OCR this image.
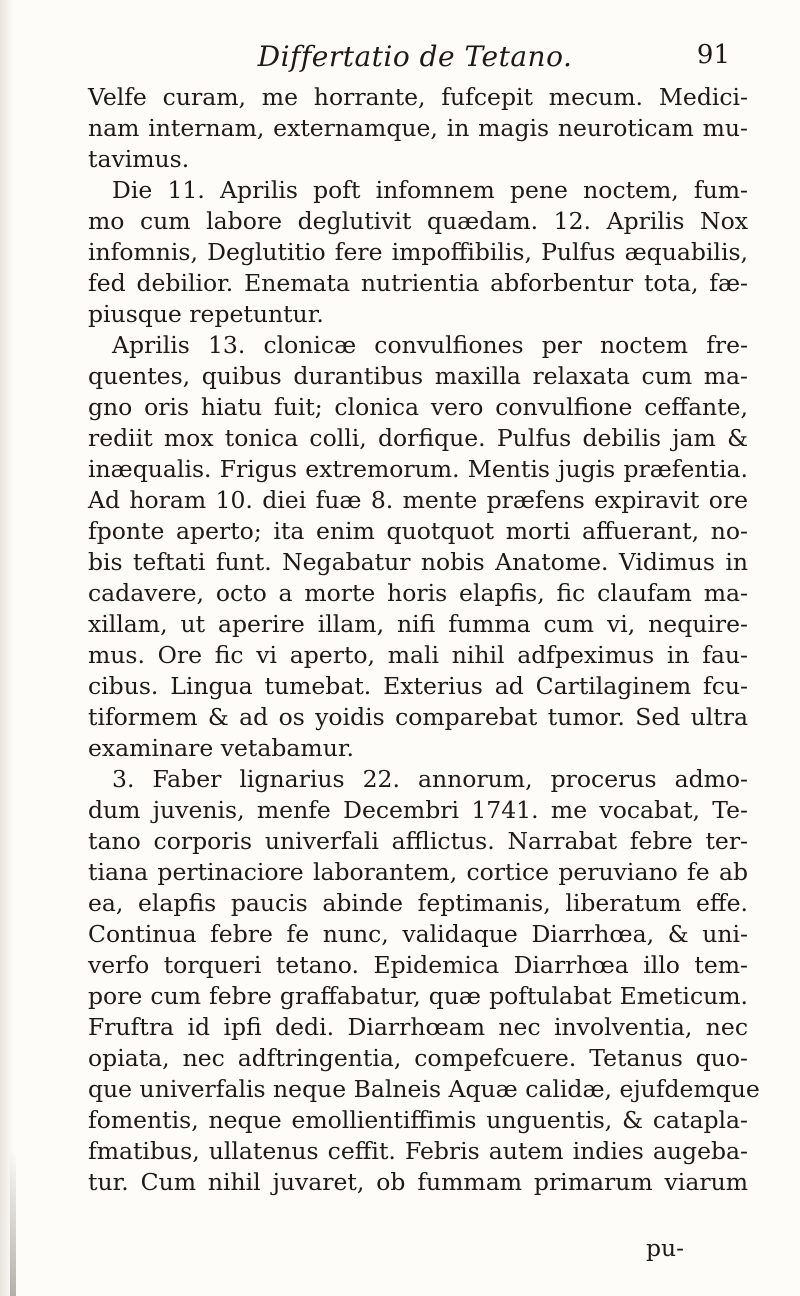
Differtatio de Tetano.	91
Velfe curam, me horrante, fufcepit mecum. Medici-
nam internam, externamque, in magis neuroticam mu-
tavimus.
Die 11. Aprilis poft infomnem pene noctem, fum-
mo cum labore deglutivit quædam. 12. Aprilis Nox
infomnis, Deglutitio fere impoffibilis, Pulfus æquabilis,
fed debilior. Enemata nutrientia abforbentur tota, fæ-
piusque repetuntur.
Aprilis 13. clonicæ convulfiones per noctem fre-
quentes, quibus durantibus maxilla relaxata cum ma-
gno oris hiatu fuit; clonica vero convulfione ceffante,
rediit mox tonica colli, dorfique. Pulfus debilis jam &
inæqualis. Frigus extremorum. Mentis jugis præfentia.
Ad horam 10. diei fuæ 8. mente præfens expiravit ore
fponte aperto; ita enim quotquot morti affuerant, no-
bis teftati funt. Negabatur nobis Anatome. Vidimus in
cadavere, octo a morte horis elapfis, fic claufam ma-
xillam, ut aperire illam, nifi fumma cum vi, nequire-
mus. Ore fic vi aperto, mali nihil adfpeximus in fau-
cibus. Lingua tumebat. Exterius ad Cartilaginem fcu-
tiformem & ad os yoidis comparebat tumor. Sed ultra
examinare vetabamur.
3. Faber lignarius 22. annorum, procerus admo-
dum juvenis, menfe Decembri 1741. me vocabat, Te-
tano corporis univerfali afflictus. Narrabat febre ter-
tiana pertinaciore laborantem, cortice peruviano fe ab
ea, elapfis paucis abinde feptimanis, liberatum effe.
Continua febre fe nunc, validaque Diarrhœa, & uni-
verfo torqueri tetano. Epidemica Diarrhœa illo tem-
pore cum febre graffabatur, quæ poftulabat Emeticum.
Fruftra id ipfi dedi. Diarrhœam nec involventia, nec
opiata, nec adftringentia, compefcuere. Tetanus quo-
que univerfalis neque Balneis Aquæ calidæ, ejufdemque
fomentis, neque emollientiffimis unguentis, & catapla-
fmatibus, ullatenus ceffit. Febris autem indies augeba-
tur. Cum nihil juvaret, ob fummam primarum viarum
pu-
